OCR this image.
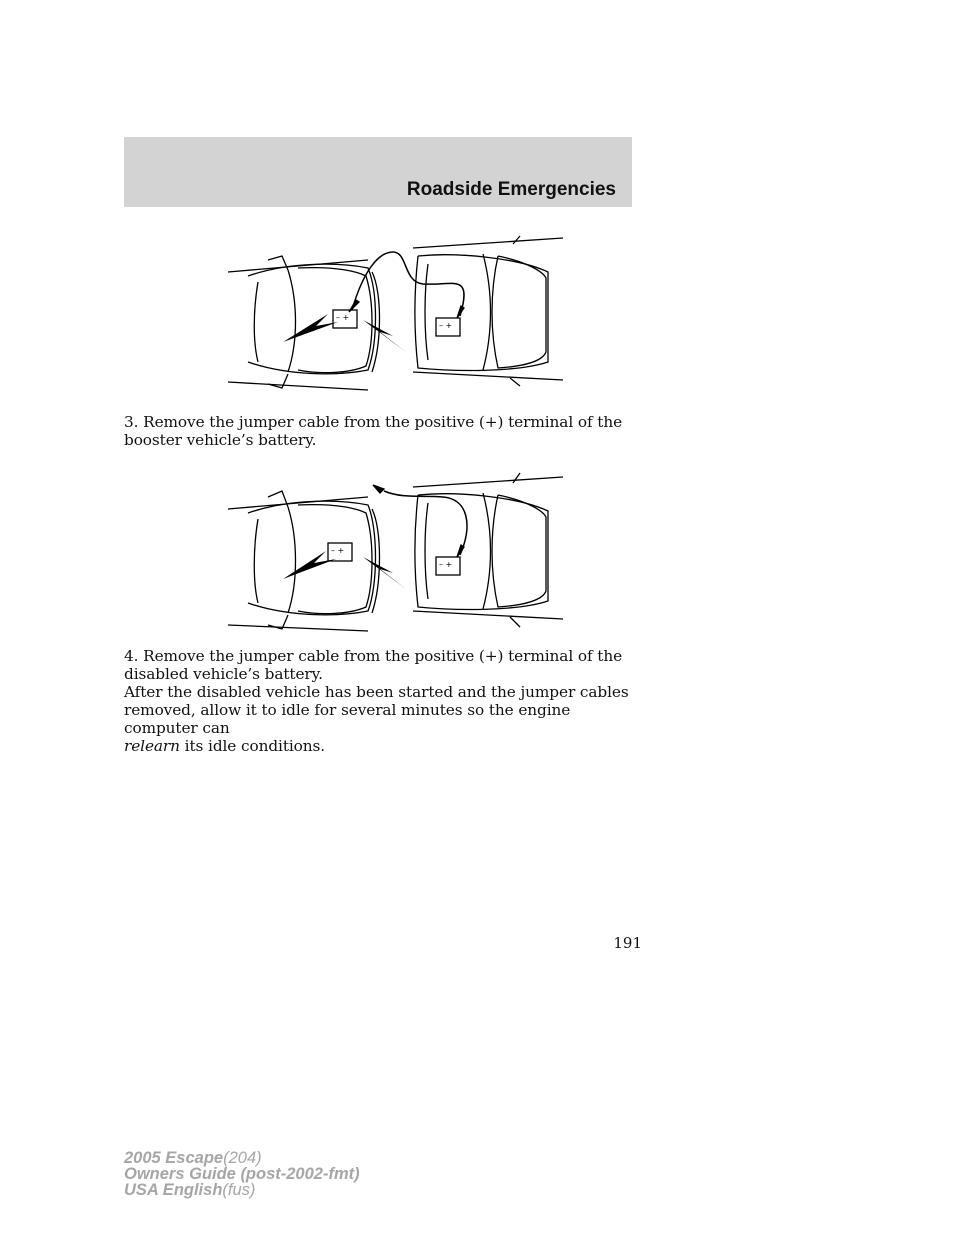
Roadside Emergencies
– +
– +

3. Remove the jumper cable from the positive (+) terminal of the booster vehicle’s battery.

– +
– +

4. Remove the jumper cable from the positive (+) terminal of the disabled vehicle’s battery.

After the disabled vehicle has been started and the jumper cables removed, allow it to idle for several minutes so the engine computer can
relearn its idle conditions.

191
2005 Escape(204)
Owners Guide (post-2002-fmt)
USA English(fus)
